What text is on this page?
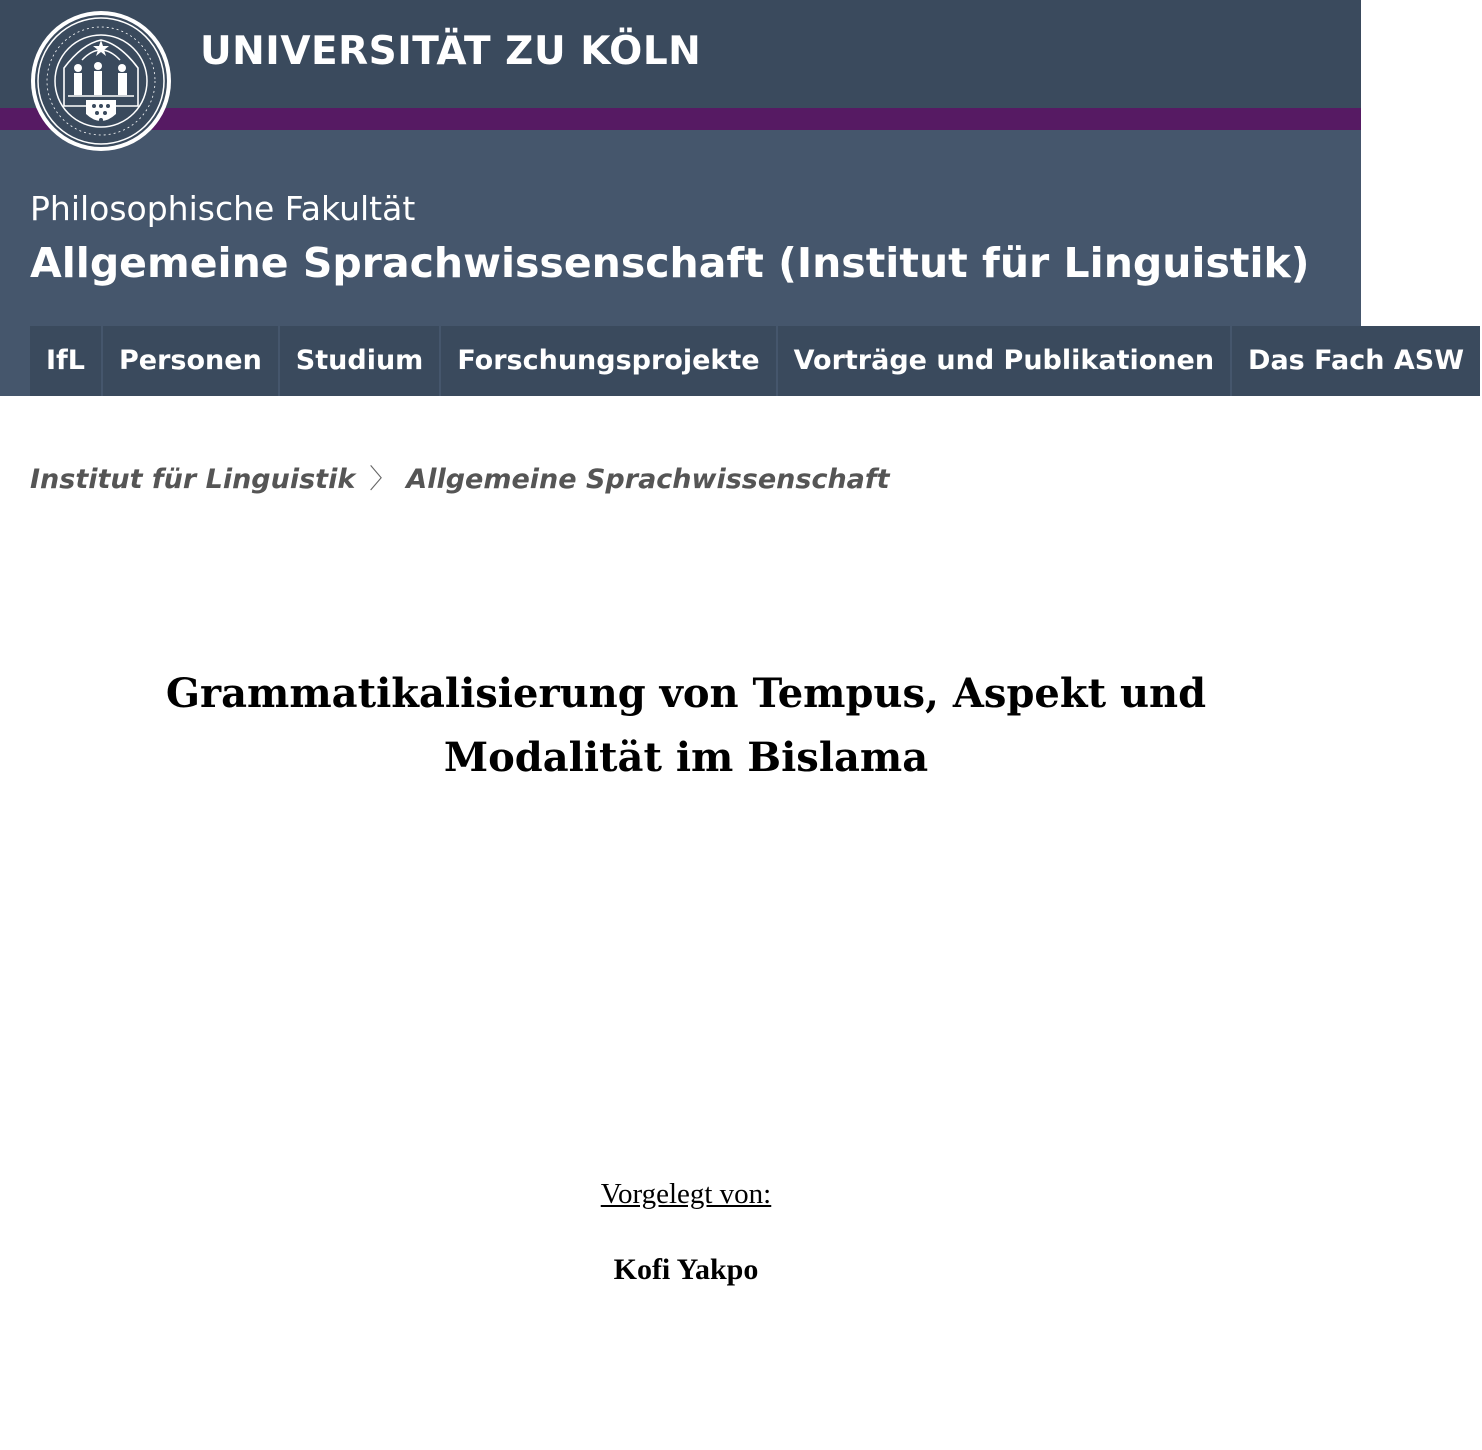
UNIVERSITÄT ZU KÖLN
Philosophische Fakultät
Allgemeine Sprachwissenschaft (Institut für Linguistik)
IfL	Personen	Studium	Forschungsprojekte	Vorträge und Publikationen	Das Fach ASW
Institut für Linguistik 〉 Allgemeine Sprachwissenschaft
Grammatikalisierung von Tempus, Aspekt und Modalität im Bislama
Vorgelegt von:
Kofi Yakpo
